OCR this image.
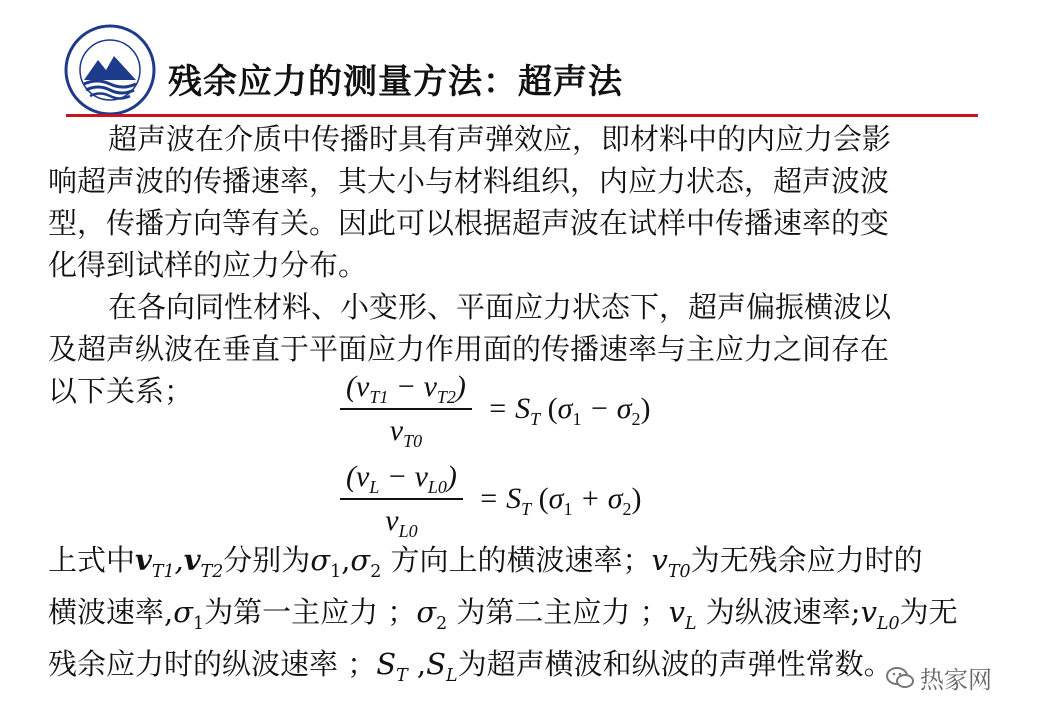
残余应力的测量方法：超声法
超声波在介质中传播时具有声弹效应，即材料中的内应力会影
响超声波的传播速率，其大小与材料组织，内应力状态，超声波波
型，传播方向等有关。因此可以根据超声波在试样中传播速率的变
化得到试样的应力分布。
在各向同性材料、小变形、平面应力状态下，超声偏振横波以
及超声纵波在垂直于平面应力作用面的传播速率与主应力之间存在
以下关系；	$\frac{(v_{T1} - v_{T2})}{v_{T0}} = S_T$ $(\sigma_1 - \sigma_2)$
$\frac{(v_L - v_{L0})}{v_{L0}} = S_T$ $(\sigma_1 + \sigma_2)$
上式中$v_{T1},v_{T2}$分别为$\sigma_1,\sigma_2$ 方向上的横波速率；$v_{T0}$为无残余应力时的
横波速率$,\sigma_1$为第一主应力 ；$\sigma_2$ 为第二主应力 ；$v_L$ 为纵波速率$;v_{L0}$为无
残余应力时的纵波速率 ；$S_T$ $,S_L$为超声横波和纵波的声弹性常数。	热家网
